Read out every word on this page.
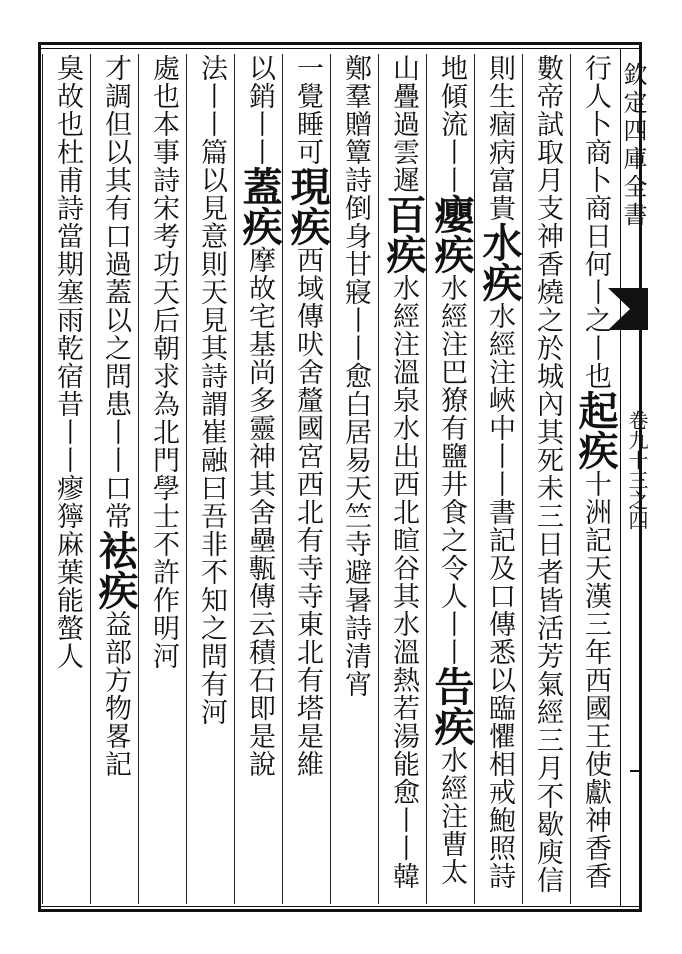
欽定四庫全書
卷九十三之四
行人卜商卜商日何丨之丨也起疾十洲記天漢三年西國王使獻神香香
數帝試取月支神香燒之於城內其死未三日者皆活芳氣經三月不歇庾信
則生痼病富貴水疾水經注峽中丨丨書記及口傳悉以臨懼相戒鮑照詩
地傾流丨丨癭疾水經注巴獠有鹽井食之令人丨丨告疾水經注曹太
山疊過雲遲百疾水經注溫泉水出西北暄谷其水溫熱若湯能愈丨丨韓
鄭羣贈簟詩倒身甘寢丨丨愈白居易天竺寺避暑詩清宵
一覺睡可現疾西域傳吠舍釐國宮西北有寺寺東北有塔是維
以銷丨丨蓋疾摩故宅基尚多靈神其舍壘甎傳云積石即是說
法丨丨篇以見意則天見其詩謂崔融曰吾非不知之問有河
處也本事詩宋考功天后朝求為北門學士不許作明河
才調但以其有口過蓋以之問患丨丨口常袪疾益部方物畧記
臭故也杜甫詩當期塞雨乾宿昔丨丨瘳獰麻葉能螫人
